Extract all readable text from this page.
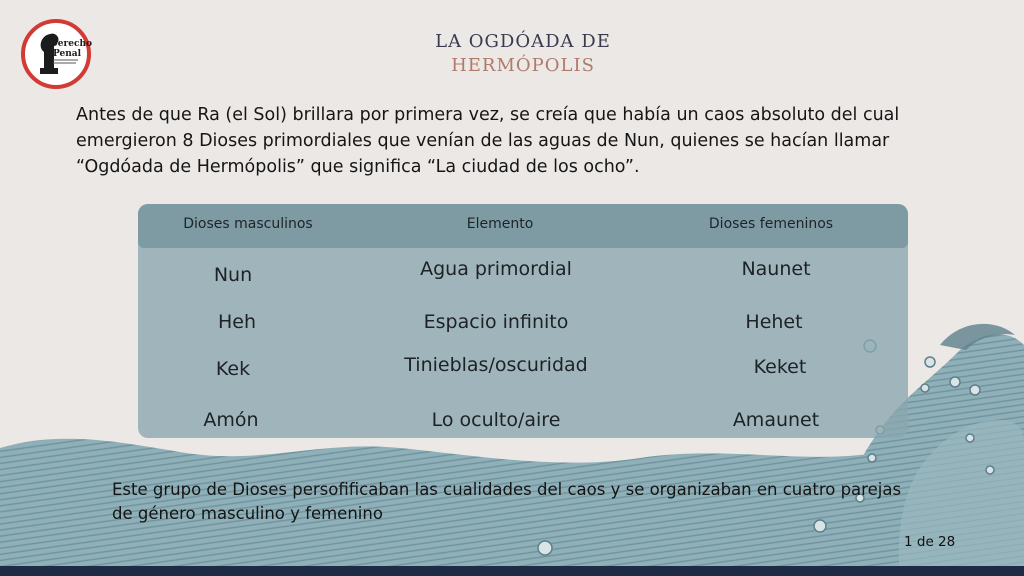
Derecho
Penal
LA OGDÓADA DE
HERMÓPOLIS
Antes de que Ra (el Sol) brillara por primera vez, se creía que había un caos absoluto del cual emergieron 8 Dioses primordiales que venían de las aguas de Nun, quienes se hacían llamar “Ogdóada de Hermópolis” que significa “La ciudad de los ocho”.
Dioses masculinos	Elemento	Dioses femeninos
Nun	Agua primordial	Naunet
Heh	Espacio infinito	Hehet
Kek	Tinieblas/oscuridad	Keket
Amón	Lo oculto/aire	Amaunet
Este grupo de Dioses persofificaban las cualidades del caos y se organizaban en cuatro parejas de género masculino y femenino
1 de 28
